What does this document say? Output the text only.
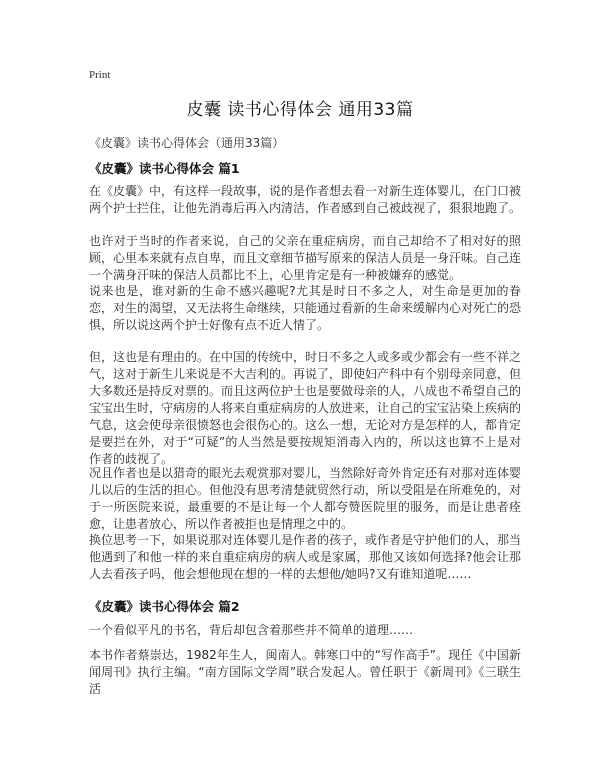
Print
皮囊 读书心得体会 通用33篇
《皮囊》读书心得体会（通用33篇）
《皮囊》读书心得体会 篇1
在《皮囊》中，有这样一段故事，说的是作者想去看一对新生连体婴儿，在门口被两个护士拦住，让他先消毒后再入内清洁，作者感到自己被歧视了，狠狠地跑了。
也许对于当时的作者来说，自己的父亲在重症病房，而自己却给不了相对好的照顾，心里本来就有点自卑，而且文章细节描写原来的保洁人员是一身汗味。自己连一个满身汗味的保洁人员都比不上，心里肯定是有一种被嫌弃的感觉。
说来也是，谁对新的生命不感兴趣呢?尤其是时日不多之人，对生命是更加的眷恋，对生的渴望，又无法将生命继续，只能通过看新的生命来缓解内心对死亡的恐惧，所以说这两个护士好像有点不近人情了。
但，这也是有理由的。在中国的传统中，时日不多之人或多或少都会有一些不祥之气，这对于新生儿来说是不大吉利的。再说了，即使妇产科中有个别母亲同意，但大多数还是持反对票的。而且这两位护士也是要做母亲的人，八成也不希望自己的宝宝出生时，守病房的人将来自重症病房的人放进来，让自己的宝宝沾染上疾病的气息，这会使母亲很愤怒也会很伤心的。这么一想，无论对方是怎样的人，都肯定是要拦在外，对于“可疑”的人当然是要按规矩消毒入内的，所以这也算不上是对作者的歧视了。
况且作者也是以猎奇的眼光去观赏那对婴儿，当然除好奇外肯定还有对那对连体婴儿以后的生活的担心。但他没有思考清楚就贸然行动，所以受阻是在所难免的，对于一所医院来说，最重要的不是让每一个人都夸赞医院里的服务，而是让患者痊愈，让患者放心，所以作者被拒也是情理之中的。
换位思考一下，如果说那对连体婴儿是作者的孩子，或作者是守护他们的人，那当他遇到了和他一样的来自重症病房的病人或是家属，那他又该如何选择?他会让那人去看孩子吗，他会想他现在想的一样的去想他/她吗?又有谁知道呢……
《皮囊》读书心得体会 篇2
一个看似平凡的书名，背后却包含着那些并不简单的道理……
本书作者蔡崇达，1982年生人，闽南人。韩寒口中的“写作高手”。现任《中国新闻周刊》执行主编。“南方国际文学周”联合发起人。曾任职于《新周刊》《三联生活
